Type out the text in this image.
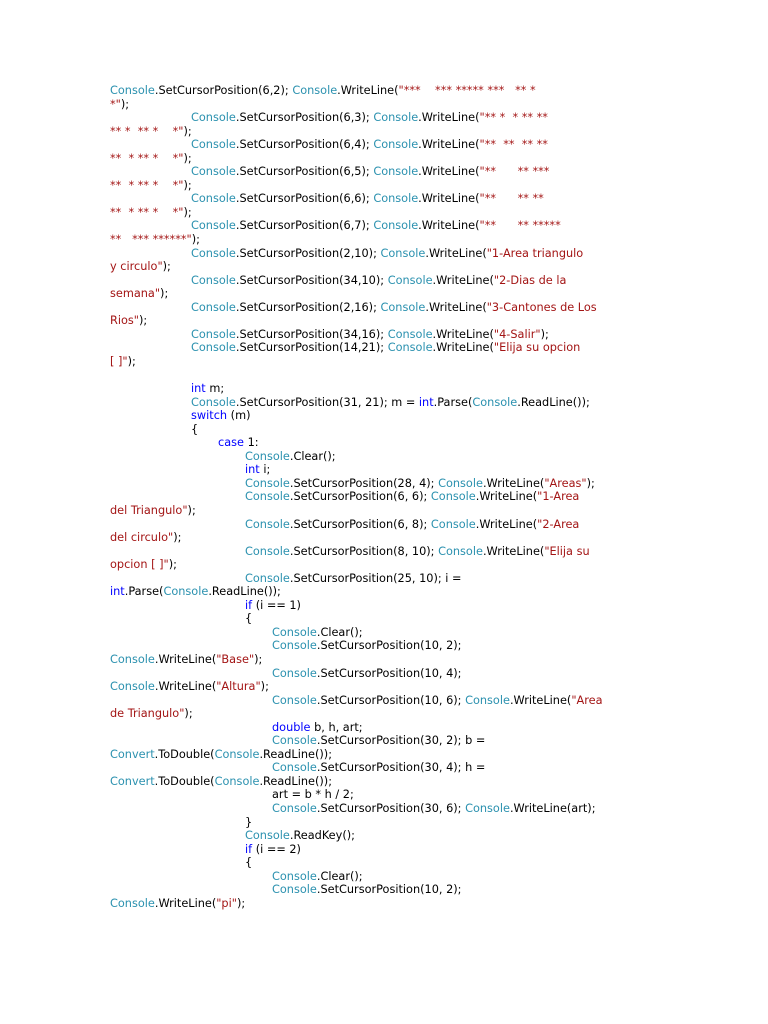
Console.SetCursorPosition(6,2); Console.WriteLine("***    *** ***** ***   ** *
*");
Console.SetCursorPosition(6,3); Console.WriteLine("** *  * ** **
** *  ** *    *");
Console.SetCursorPosition(6,4); Console.WriteLine("**  **  ** **
**  * ** *    *");
Console.SetCursorPosition(6,5); Console.WriteLine("**      ** ***
**  * ** *    *");
Console.SetCursorPosition(6,6); Console.WriteLine("**      ** **
**  * ** *    *");
Console.SetCursorPosition(6,7); Console.WriteLine("**      ** *****
**   *** ******");
Console.SetCursorPosition(2,10); Console.WriteLine("1-Area triangulo
y circulo");
Console.SetCursorPosition(34,10); Console.WriteLine("2-Dias de la
semana");
Console.SetCursorPosition(2,16); Console.WriteLine("3-Cantones de Los
Rios");
Console.SetCursorPosition(34,16); Console.WriteLine("4-Salir");
Console.SetCursorPosition(14,21); Console.WriteLine("Elija su opcion
[ ]");
int m;
Console.SetCursorPosition(31, 21); m = int.Parse(Console.ReadLine());
switch (m)
{
case 1:
Console.Clear();
int i;
Console.SetCursorPosition(28, 4); Console.WriteLine("Areas");
Console.SetCursorPosition(6, 6); Console.WriteLine("1-Area
del Triangulo");
Console.SetCursorPosition(6, 8); Console.WriteLine("2-Area
del circulo");
Console.SetCursorPosition(8, 10); Console.WriteLine("Elija su
opcion [ ]");
Console.SetCursorPosition(25, 10); i =
int.Parse(Console.ReadLine());
if (i == 1)
{
Console.Clear();
Console.SetCursorPosition(10, 2);
Console.WriteLine("Base");
Console.SetCursorPosition(10, 4);
Console.WriteLine("Altura");
Console.SetCursorPosition(10, 6); Console.WriteLine("Area
de Triangulo");
double b, h, art;
Console.SetCursorPosition(30, 2); b =
Convert.ToDouble(Console.ReadLine());
Console.SetCursorPosition(30, 4); h =
Convert.ToDouble(Console.ReadLine());
art = b * h / 2;
Console.SetCursorPosition(30, 6); Console.WriteLine(art);
}
Console.ReadKey();
if (i == 2)
{
Console.Clear();
Console.SetCursorPosition(10, 2);
Console.WriteLine("pi");
